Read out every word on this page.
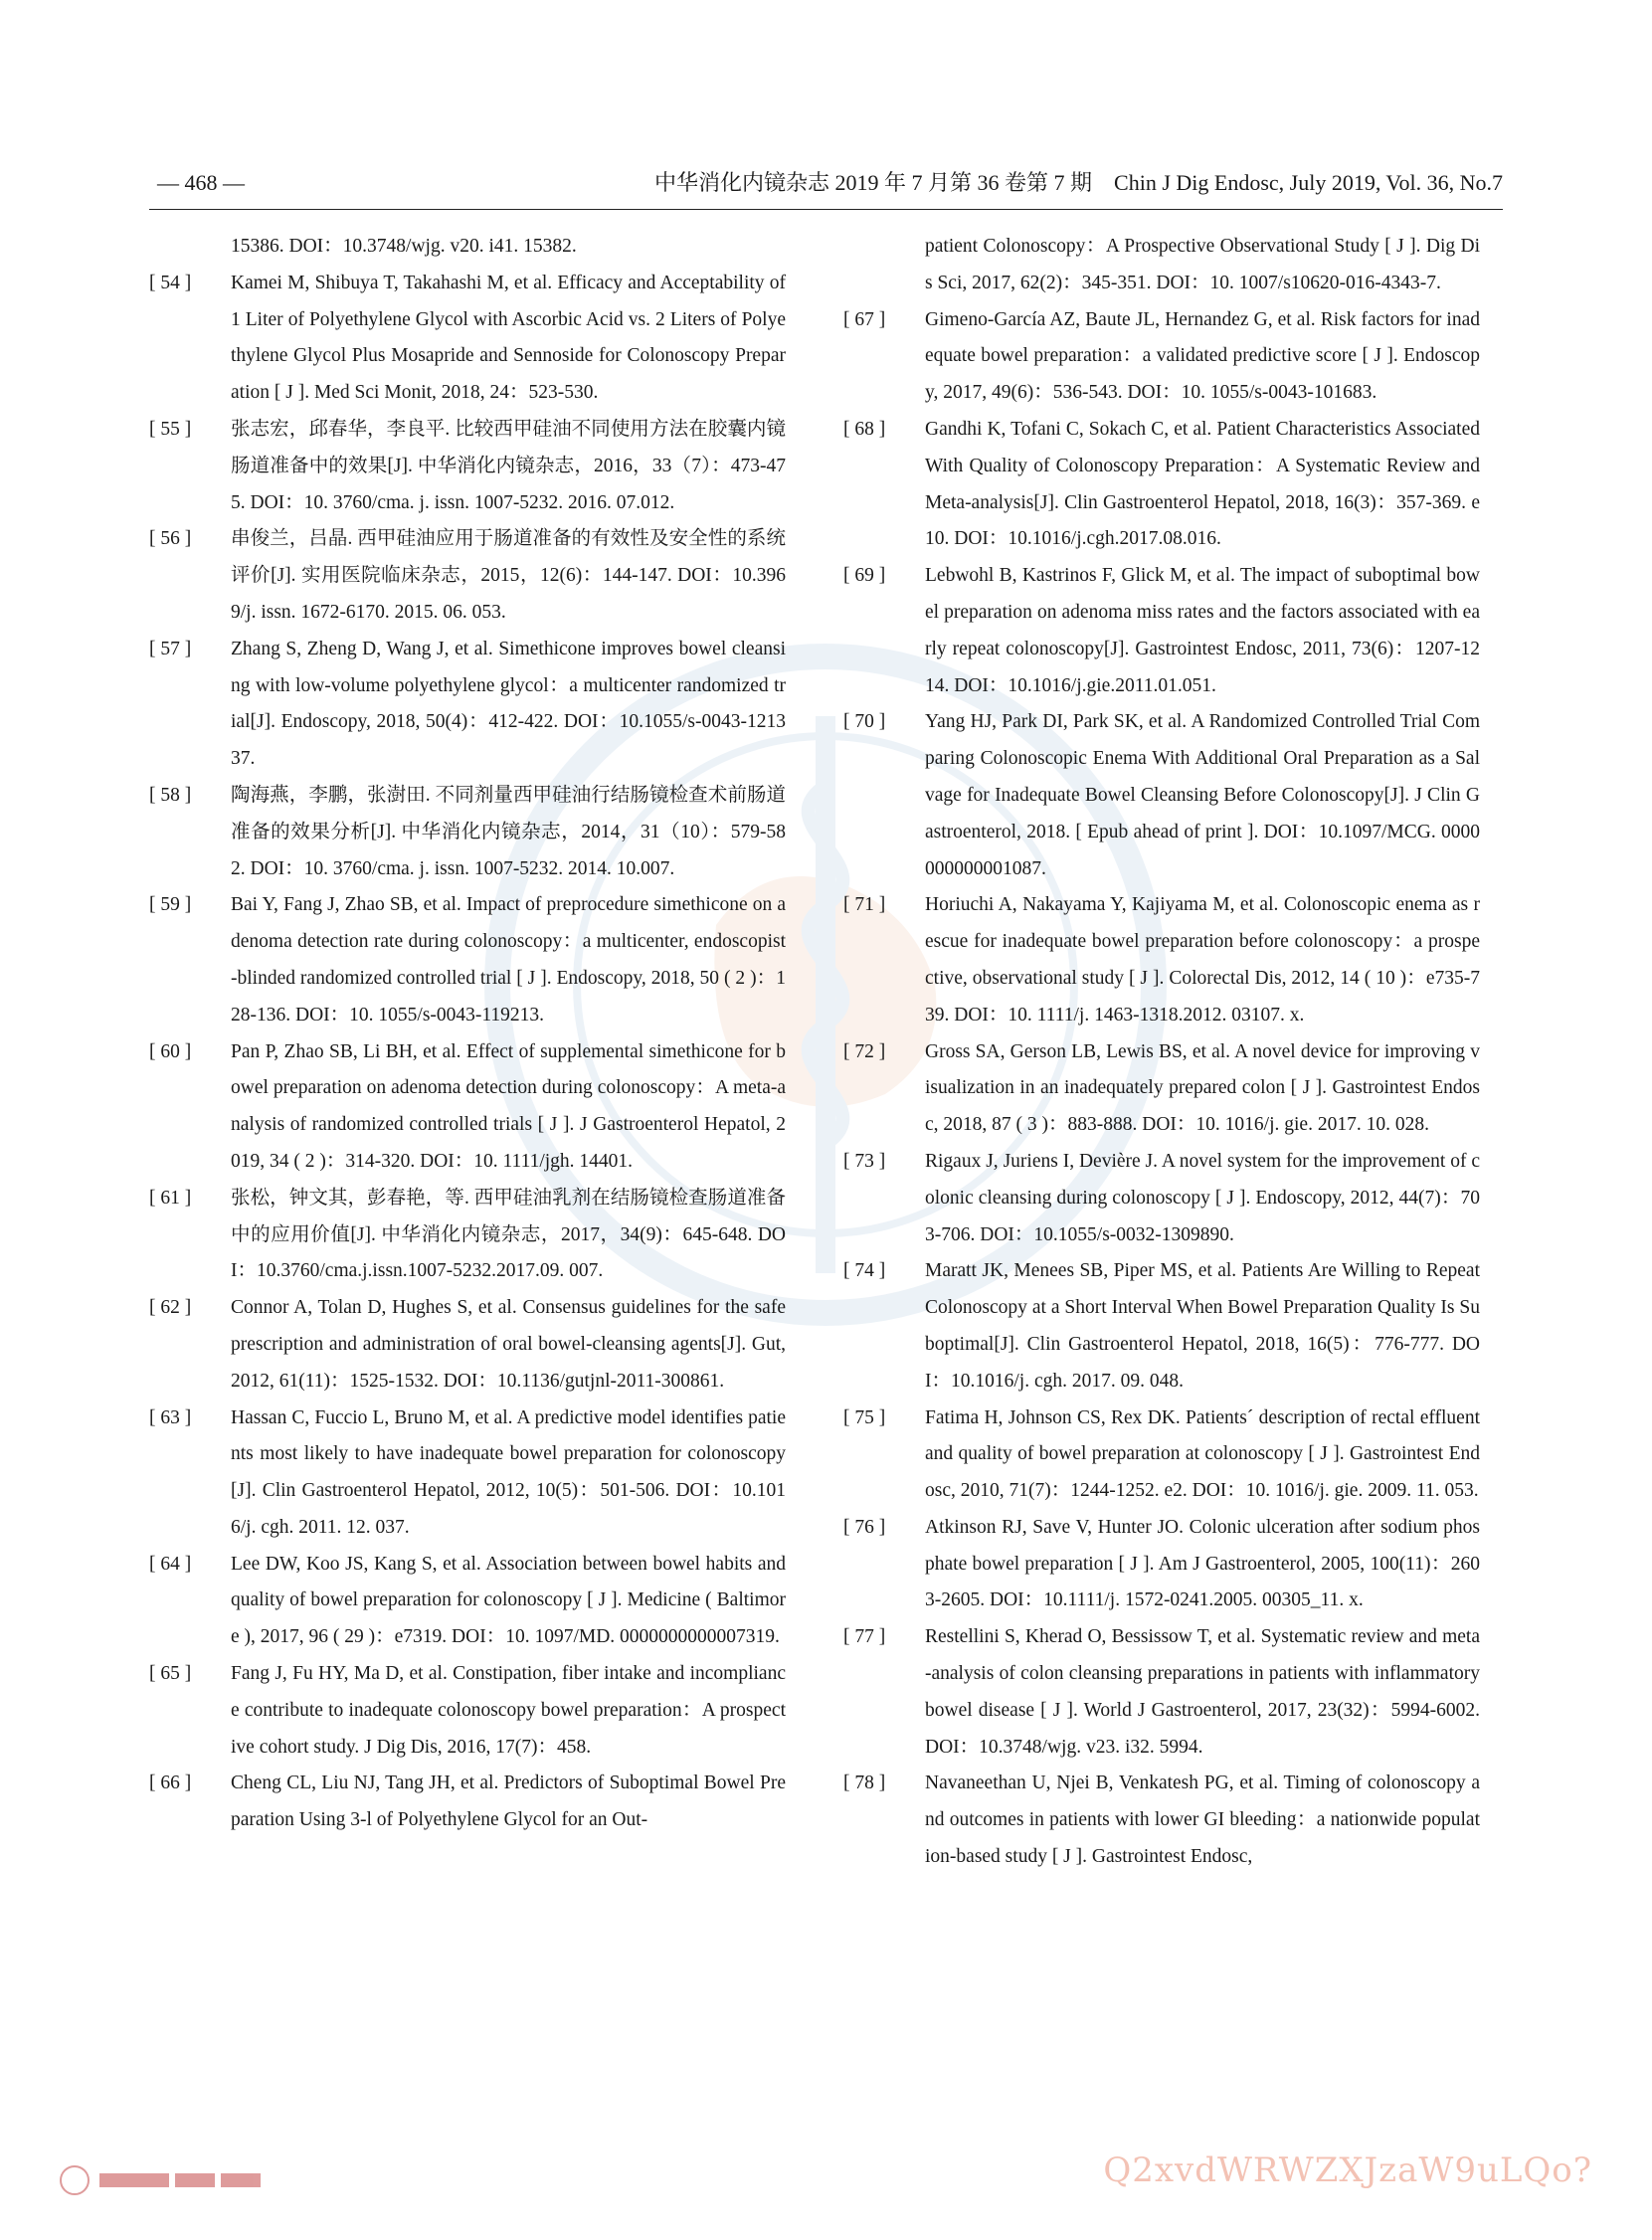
— 468 —	中华消化内镜杂志 2019 年 7 月第 36 卷第 7 期　Chin J Dig Endosc, July 2019, Vol. 36, No.7
15386. DOI：10.3748/wjg. v20. i41. 15382.
[ 54 ]	Kamei M, Shibuya T, Takahashi M, et al. Efficacy and Acceptability of 1 Liter of Polyethylene Glycol with Ascorbic Acid vs. 2 Liters of Polyethylene Glycol Plus Mosapride and Sennoside for Colonoscopy Preparation [ J ]. Med Sci Monit, 2018, 24：523-530.
[ 55 ]	张志宏，邱春华，李良平. 比较西甲硅油不同使用方法在胶囊内镜肠道准备中的效果[J]. 中华消化内镜杂志，2016，33（7）：473-475. DOI：10. 3760/cma. j. issn. 1007-5232. 2016. 07.012.
[ 56 ]	串俊兰，吕晶. 西甲硅油应用于肠道准备的有效性及安全性的系统评价[J]. 实用医院临床杂志，2015，12(6)：144-147. DOI：10.3969/j. issn. 1672-6170. 2015. 06. 053.
[ 57 ]	Zhang S, Zheng D, Wang J, et al. Simethicone improves bowel cleansing with low-volume polyethylene glycol：a multicenter randomized trial[J]. Endoscopy, 2018, 50(4)：412-422. DOI：10.1055/s-0043-121337.
[ 58 ]	陶海燕，李鹏，张澍田. 不同剂量西甲硅油行结肠镜检查术前肠道准备的效果分析[J]. 中华消化内镜杂志，2014，31（10）：579-582. DOI：10. 3760/cma. j. issn. 1007-5232. 2014. 10.007.
[ 59 ]	Bai Y, Fang J, Zhao SB, et al. Impact of preprocedure simethicone on adenoma detection rate during colonoscopy：a multicenter, endoscopist-blinded randomized controlled trial [ J ]. Endoscopy, 2018, 50 ( 2 )：128-136. DOI：10. 1055/s-0043-119213.
[ 60 ]	Pan P, Zhao SB, Li BH, et al. Effect of supplemental simethicone for bowel preparation on adenoma detection during colonoscopy：A meta-analysis of randomized controlled trials [ J ]. J Gastroenterol Hepatol, 2019, 34 ( 2 )：314-320. DOI：10. 1111/jgh. 14401.
[ 61 ]	张松，钟文其，彭春艳，等. 西甲硅油乳剂在结肠镜检查肠道准备中的应用价值[J]. 中华消化内镜杂志，2017，34(9)：645-648. DOI：10.3760/cma.j.issn.1007-5232.2017.09. 007.
[ 62 ]	Connor A, Tolan D, Hughes S, et al. Consensus guidelines for the safe prescription and administration of oral bowel-cleansing agents[J]. Gut, 2012, 61(11)：1525-1532. DOI：10.1136/gutjnl-2011-300861.
[ 63 ]	Hassan C, Fuccio L, Bruno M, et al. A predictive model identifies patients most likely to have inadequate bowel preparation for colonoscopy[J]. Clin Gastroenterol Hepatol, 2012, 10(5)：501-506. DOI：10.1016/j. cgh. 2011. 12. 037.
[ 64 ]	Lee DW, Koo JS, Kang S, et al. Association between bowel habits and quality of bowel preparation for colonoscopy [ J ]. Medicine ( Baltimore ), 2017, 96 ( 29 )：e7319. DOI：10. 1097/MD. 0000000000007319.
[ 65 ]	Fang J, Fu HY, Ma D, et al. Constipation, fiber intake and incompliance contribute to inadequate colonoscopy bowel preparation：A prospective cohort study. J Dig Dis, 2016, 17(7)：458.
[ 66 ]	Cheng CL, Liu NJ, Tang JH, et al. Predictors of Suboptimal Bowel Preparation Using 3-l of Polyethylene Glycol for an Out-
patient Colonoscopy：A Prospective Observational Study [ J ]. Dig Dis Sci, 2017, 62(2)：345-351. DOI：10. 1007/s10620-016-4343-7.
[ 67 ]	Gimeno-García AZ, Baute JL, Hernandez G, et al. Risk factors for inadequate bowel preparation：a validated predictive score [ J ]. Endoscopy, 2017, 49(6)：536-543. DOI：10. 1055/s-0043-101683.
[ 68 ]	Gandhi K, Tofani C, Sokach C, et al. Patient Characteristics Associated With Quality of Colonoscopy Preparation：A Systematic Review and Meta-analysis[J]. Clin Gastroenterol Hepatol, 2018, 16(3)：357-369. e10. DOI：10.1016/j.cgh.2017.08.016.
[ 69 ]	Lebwohl B, Kastrinos F, Glick M, et al. The impact of suboptimal bowel preparation on adenoma miss rates and the factors associated with early repeat colonoscopy[J]. Gastrointest Endosc, 2011, 73(6)：1207-1214. DOI：10.1016/j.gie.2011.01.051.
[ 70 ]	Yang HJ, Park DI, Park SK, et al. A Randomized Controlled Trial Comparing Colonoscopic Enema With Additional Oral Preparation as a Salvage for Inadequate Bowel Cleansing Before Colonoscopy[J]. J Clin Gastroenterol, 2018. [ Epub ahead of print ]. DOI：10.1097/MCG. 0000000000001087.
[ 71 ]	Horiuchi A, Nakayama Y, Kajiyama M, et al. Colonoscopic enema as rescue for inadequate bowel preparation before colonoscopy：a prospective, observational study [ J ]. Colorectal Dis, 2012, 14 ( 10 )：e735-739. DOI：10. 1111/j. 1463-1318.2012. 03107. x.
[ 72 ]	Gross SA, Gerson LB, Lewis BS, et al. A novel device for improving visualization in an inadequately prepared colon [ J ]. Gastrointest Endosc, 2018, 87 ( 3 )：883-888. DOI：10. 1016/j. gie. 2017. 10. 028.
[ 73 ]	Rigaux J, Juriens I, Devière J. A novel system for the improvement of colonic cleansing during colonoscopy [ J ]. Endoscopy, 2012, 44(7)：703-706. DOI：10.1055/s-0032-1309890.
[ 74 ]	Maratt JK, Menees SB, Piper MS, et al. Patients Are Willing to Repeat Colonoscopy at a Short Interval When Bowel Preparation Quality Is Suboptimal[J]. Clin Gastroenterol Hepatol, 2018, 16(5)：776-777. DOI：10.1016/j. cgh. 2017. 09. 048.
[ 75 ]	Fatima H, Johnson CS, Rex DK. Patients´ description of rectal effluent and quality of bowel preparation at colonoscopy [ J ]. Gastrointest Endosc, 2010, 71(7)：1244-1252. e2. DOI：10. 1016/j. gie. 2009. 11. 053.
[ 76 ]	Atkinson RJ, Save V, Hunter JO. Colonic ulceration after sodium phosphate bowel preparation [ J ]. Am J Gastroenterol, 2005, 100(11)：2603-2605. DOI：10.1111/j. 1572-0241.2005. 00305_11. x.
[ 77 ]	Restellini S, Kherad O, Bessissow T, et al. Systematic review and meta-analysis of colon cleansing preparations in patients with inflammatory bowel disease [ J ]. World J Gastroenterol, 2017, 23(32)：5994-6002. DOI：10.3748/wjg. v23. i32. 5994.
[ 78 ]	Navaneethan U, Njei B, Venkatesh PG, et al. Timing of colonoscopy and outcomes in patients with lower GI bleeding：a nationwide population-based study [ J ]. Gastrointest Endosc,
Q2xvdWRWZXJzaW9uLQo?
